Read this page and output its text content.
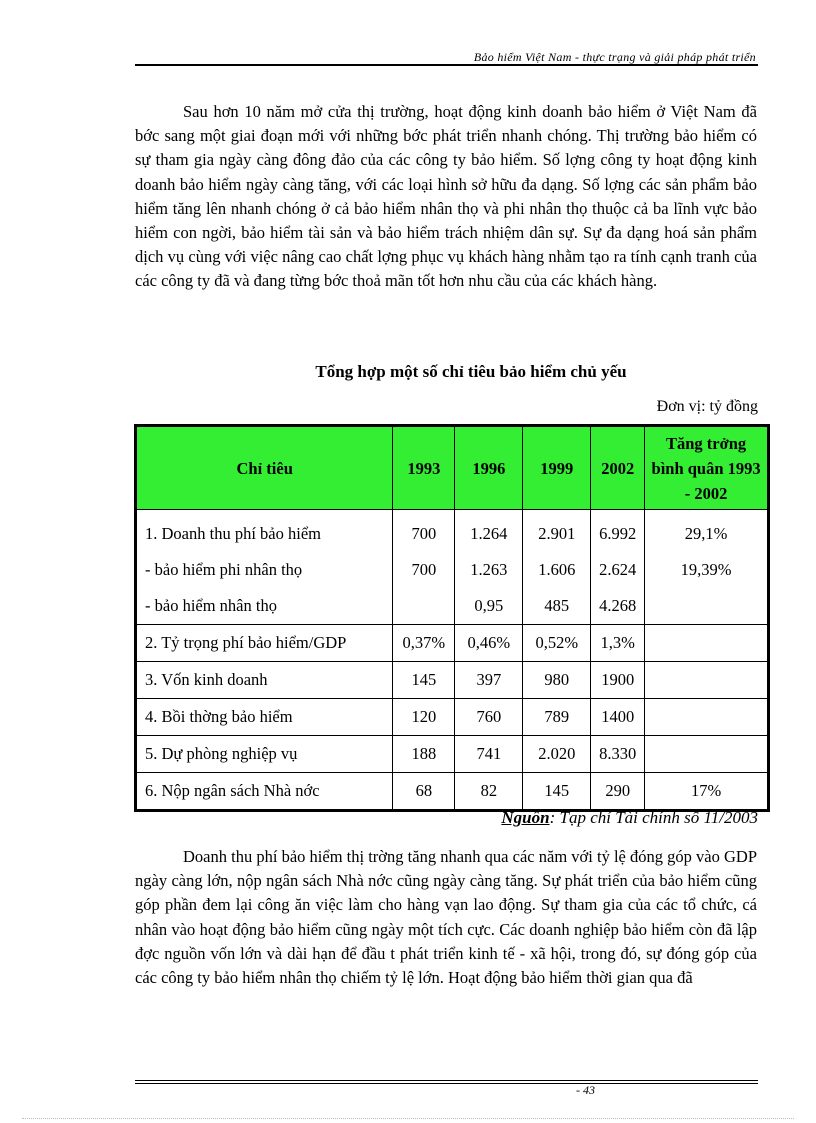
Bảo hiểm Việt Nam - thực trạng và giải pháp phát triển

Sau hơn 10 năm mở cửa thị trường, hoạt động kinh doanh bảo hiểm ở Việt Nam đã bớc sang một giai đoạn mới với những bớc phát triển nhanh chóng. Thị trường bảo hiểm có sự tham gia ngày càng đông đảo của các công ty bảo hiểm. Số lợng công ty hoạt động kinh doanh bảo hiểm ngày càng tăng, với các loại hình sở hữu đa dạng. Số lợng các sản phẩm bảo hiểm tăng lên nhanh chóng ở cả bảo hiểm nhân thọ và phi nhân thọ thuộc cả ba lĩnh vực bảo hiểm con ngời, bảo hiểm tài sản và bảo hiểm trách nhiệm dân sự. Sự đa dạng hoá sản phẩm dịch vụ cùng với việc nâng cao chất lợng phục vụ khách hàng nhằm tạo ra tính cạnh tranh của các công ty đã và đang từng bớc thoả mãn tốt hơn nhu cầu của các khách hàng.

Tổng hợp một số chỉ tiêu bảo hiểm chủ yếu
Đơn vị: tỷ đồng
Chỉ tiêu	1993	1996	1999	2002	Tăng trởng bình quân 1993 - 2002
1. Doanh thu phí bảo hiểm	700	1.264	2.901	6.992	29,1%
- bảo hiểm phi nhân thọ	700	1.263	1.606	2.624	19,39%
- bảo hiểm nhân thọ		0,95	485	4.268	
2. Tỷ trọng phí bảo hiểm/GDP	0,37%	0,46%	0,52%	1,3%	
3. Vốn kinh doanh	145	397	980	1900	
4. Bồi thờng bảo hiểm	120	760	789	1400	
5. Dự phòng nghiệp vụ	188	741	2.020	8.330	
6. Nộp ngân sách Nhà nớc	68	82	145	290	17%
Nguồn: Tạp chí Tài chính số 11/2003

Doanh thu phí bảo hiểm thị trờng tăng nhanh qua các năm với tỷ lệ đóng góp vào GDP ngày càng lớn, nộp ngân sách Nhà nớc cũng ngày càng tăng. Sự phát triển của bảo hiểm cũng góp phần đem lại công ăn việc làm cho hàng vạn lao động. Sự tham gia của các tổ chức, cá nhân vào hoạt động bảo hiểm cũng ngày một tích cực. Các doanh nghiệp bảo hiểm còn đã lập đợc nguồn vốn lớn và dài hạn để đầu t phát triển kinh tế - xã hội, trong đó, sự đóng góp của các công ty bảo hiểm nhân thọ chiếm tỷ lệ lớn. Hoạt động bảo hiểm thời gian qua đã

- 43
